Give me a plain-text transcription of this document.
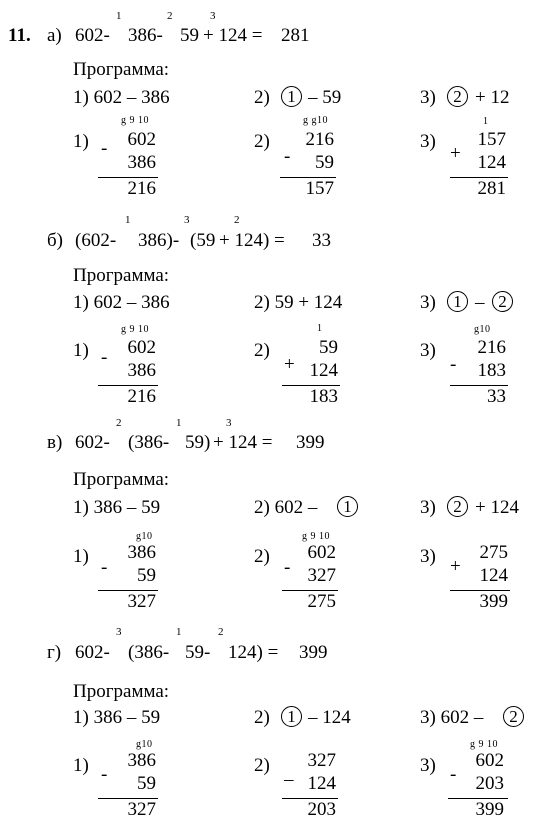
11. а) 602- 386- 59 + 124 = 281
1	2	3
Программа:
1) 602 – 386	2)	1 – 59	3)	2 + 12
1)
g 9 10
-	602
386
216
2)
g g10
-
216
59
157
3)
1
+
157
124
281
б) (602- 386)- (59 + 124) = 33
1	3	2
Программа:
1) 602 – 386	2) 59 + 124	3)	1 – 2
1)
g 9 10
-	602
386
216
2)
1
+
59
124
183
3)
g10
-
216
183
33
в) 602- (386- 59) + 124 = 399
2	1	3
Программа:
1) 386 – 59	2) 602 –	1	3)	2 + 124
1)
g10
-
386
59
327
2)
g 9 10
-
602
327
275
3) +
275
124
399
г) 602- (386- 59- 124) = 399
3	1	2
Программа:
1) 386 – 59	2)	1 – 124	3) 602 –	2
1)
g10
-
386
59
327
2)
–
327
124
203
3)
g 9 10
-
602
203
399
